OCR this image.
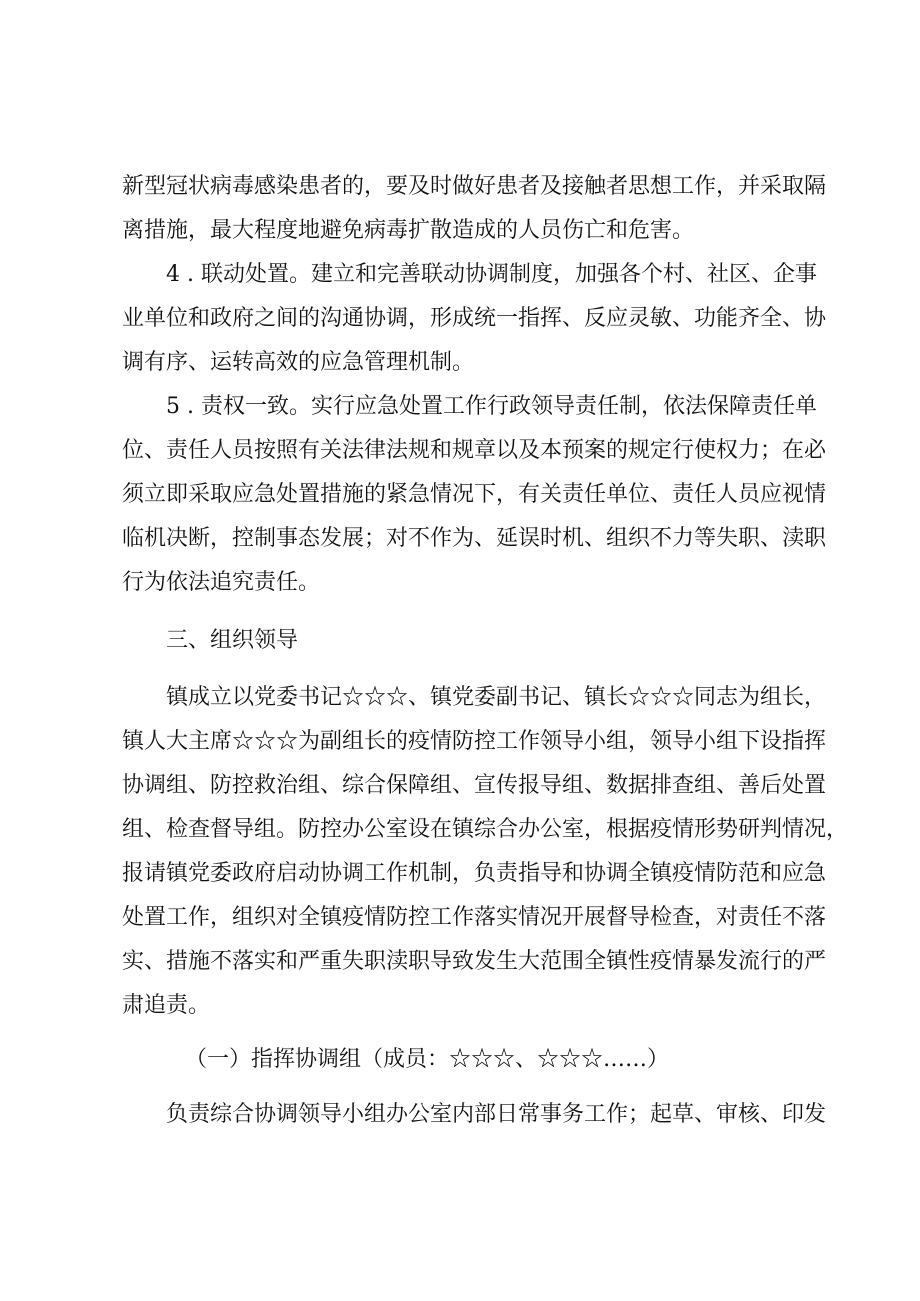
新型冠状病毒感染患者的，要及时做好患者及接触者思想工作，并采取隔

离措施，最大程度地避免病毒扩散造成的人员伤亡和危害。

4 . 联动处置。建立和完善联动协调制度，加强各个村、社区、企事

业单位和政府之间的沟通协调，形成统一指挥、反应灵敏、功能齐全、协

调有序、运转高效的应急管理机制。

5 . 责权一致。实行应急处置工作行政领导责任制，依法保障责任单

位、责任人员按照有关法律法规和规章以及本预案的规定行使权力；在必

须立即采取应急处置措施的紧急情况下，有关责任单位、责任人员应视情

临机决断，控制事态发展；对不作为、延误时机、组织不力等失职、渎职

行为依法追究责任。

三、组织领导

镇成立以党委书记☆☆☆、镇党委副书记、镇长☆☆☆同志为组长，

镇人大主席☆☆☆为副组长的疫情防控工作领导小组，领导小组下设指挥

协调组、防控救治组、综合保障组、宣传报导组、数据排查组、善后处置

组、检查督导组。防控办公室设在镇综合办公室，根据疫情形势研判情况，

报请镇党委政府启动协调工作机制，负责指导和协调全镇疫情防范和应急

处置工作，组织对全镇疫情防控工作落实情况开展督导检查，对责任不落

实、措施不落实和严重失职渎职导致发生大范围全镇性疫情暴发流行的严

肃追责。

（一）指挥协调组（成员：☆☆☆、☆☆☆……）

负责综合协调领导小组办公室内部日常事务工作；起草、审核、印发
